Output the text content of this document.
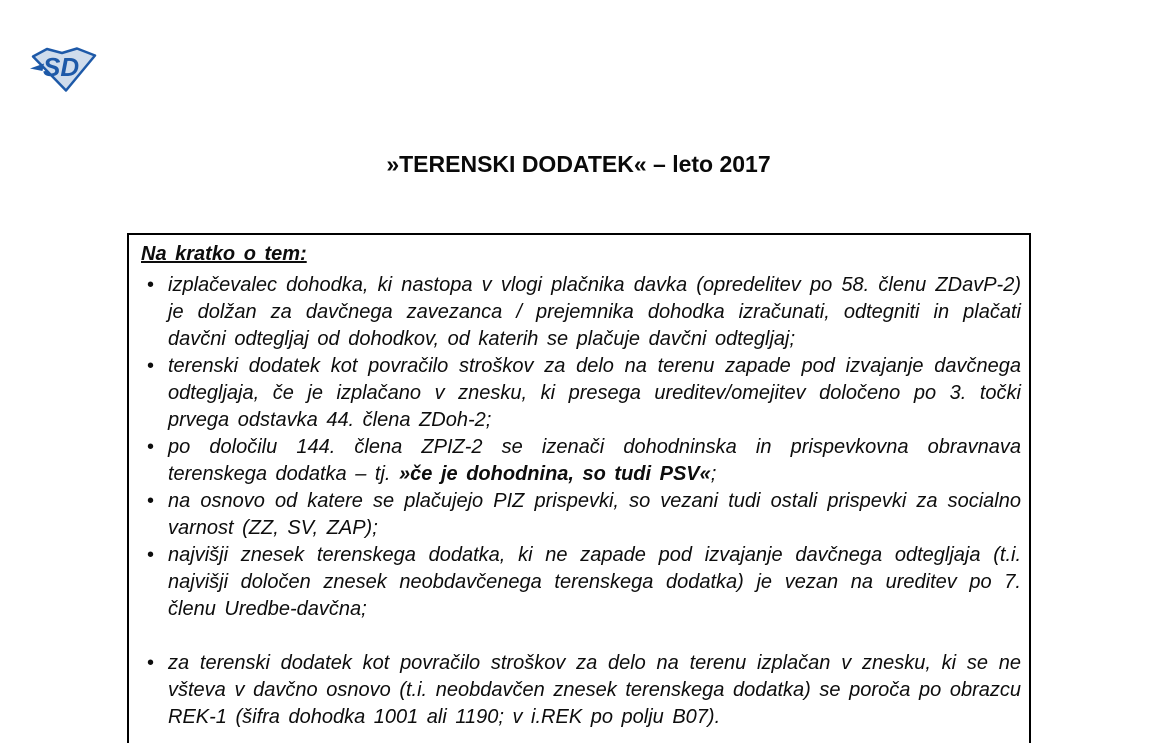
SD
»TERENSKI DODATEK« – leto 2017
Na kratko o tem:
• izplačevalec dohodka, ki nastopa v vlogi plačnika davka (opredelitev po 58. členu ZDavP-2) je dolžan za davčnega zavezanca / prejemnika dohodka izračunati, odtegniti in plačati davčni odtegljaj od dohodkov, od katerih se plačuje davčni odtegljaj;
• terenski dodatek kot povračilo stroškov za delo na terenu zapade pod izvajanje davčnega odtegljaja, če je izplačano v znesku, ki presega ureditev/omejitev določeno po 3. točki prvega odstavka 44. člena ZDoh-2;
• po določilu 144. člena ZPIZ-2 se izenači dohodninska in prispevkovna obravnava terenskega dodatka – tj. »če je dohodnina, so tudi PSV«;
• na osnovo od katere se plačujejo PIZ prispevki, so vezani tudi ostali prispevki za socialno varnost (ZZ, SV, ZAP);
• najvišji znesek terenskega dodatka, ki ne zapade pod izvajanje davčnega odtegljaja (t.i. najvišji določen znesek neobdavčenega terenskega dodatka) je vezan na ureditev po 7. členu Uredbe-davčna;
• za terenski dodatek kot povračilo stroškov za delo na terenu izplačan v znesku, ki se ne všteva v davčno osnovo (t.i. neobdavčen znesek terenskega dodatka) se poroča po obrazcu REK-1 (šifra dohodka 1001 ali 1190; v i.REK po polju B07).
